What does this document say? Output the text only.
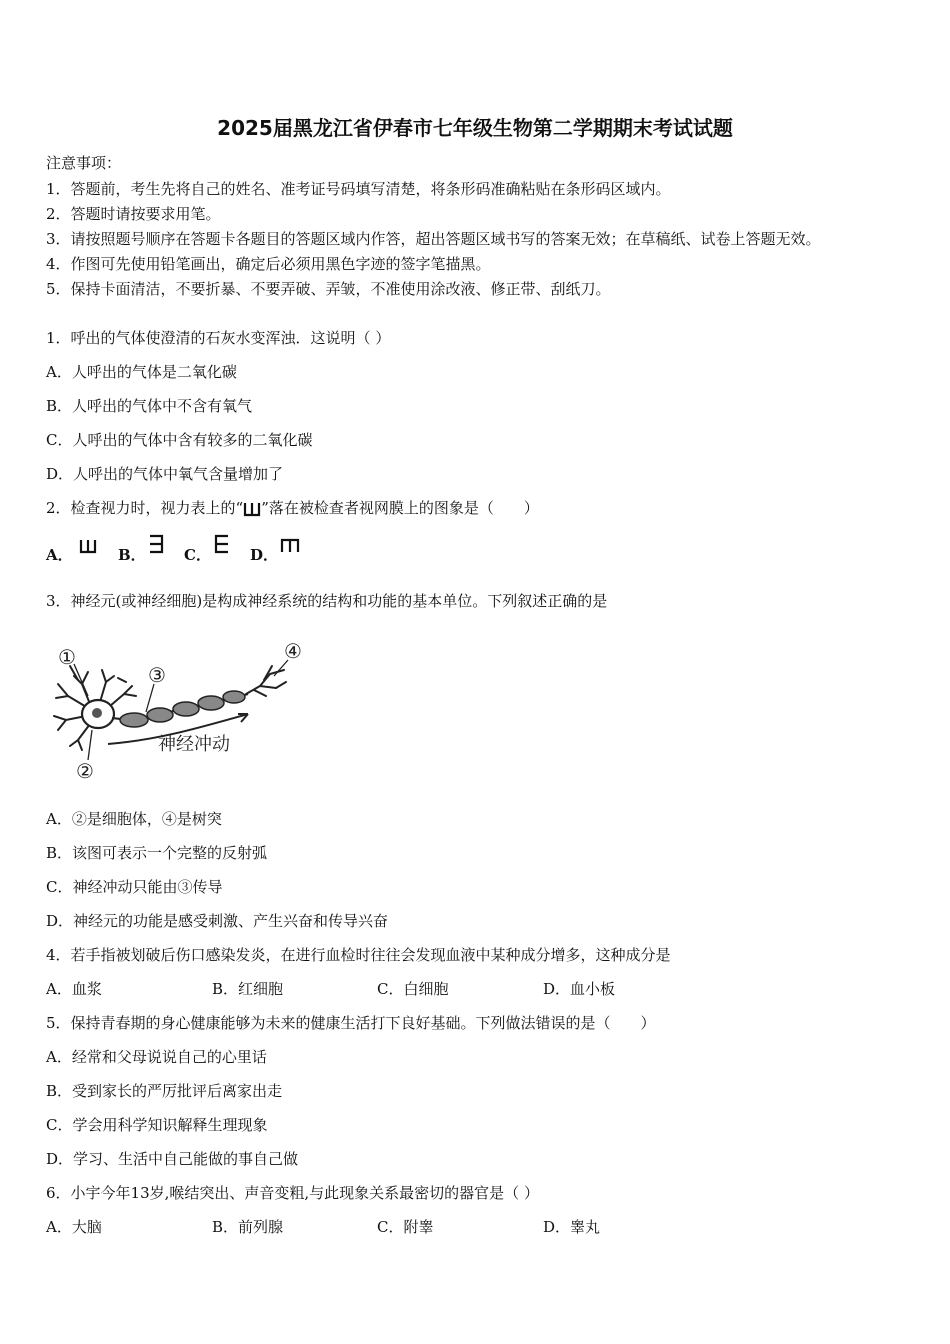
2025届黑龙江省伊春市七年级生物第二学期期末考试试题
注意事项：
1．答题前，考生先将自己的姓名、准考证号码填写清楚，将条形码准确粘贴在条形码区域内。
2．答题时请按要求用笔。
3．请按照题号顺序在答题卡各题目的答题区域内作答，超出答题区域书写的答案无效；在草稿纸、试卷上答题无效。
4．作图可先使用铅笔画出，确定后必须用黑色字迹的签字笔描黑。
5．保持卡面清洁，不要折暴、不要弄破、弄皱，不准使用涂改液、修正带、刮纸刀。
1．呼出的气体使澄清的石灰水变浑浊．这说明（ ）
A．人呼出的气体是二氧化碳
B．人呼出的气体中不含有氧气
C．人呼出的气体中含有较多的二氧化碳
D．人呼出的气体中氧气含量增加了
2．检查视力时，视力表上的“ ”落在被检查者视网膜上的图象是（　　）
A．	B．	C．	D．
3．神经元(或神经细胞)是构成神经系统的结构和功能的基本单位。下列叙述正确的是
①
②
③
④
神经冲动
A．②是细胞体，④是树突
B．该图可表示一个完整的反射弧
C．神经冲动只能由③传导
D．神经元的功能是感受刺激、产生兴奋和传导兴奋
4．若手指被划破后伤口感染发炎，在进行血检时往往会发现血液中某种成分增多，这种成分是
A．血浆	B．红细胞	C．白细胞	D．血小板
5．保持青春期的身心健康能够为未来的健康生活打下良好基础。下列做法错误的是（　　）
A．经常和父母说说自己的心里话
B．受到家长的严厉批评后离家出走
C．学会用科学知识解释生理现象
D．学习、生活中自己能做的事自己做
6．小宇今年13岁,喉结突出、声音变粗,与此现象关系最密切的器官是（ ）
A．大脑	B．前列腺	C．附睾	D．睾丸
